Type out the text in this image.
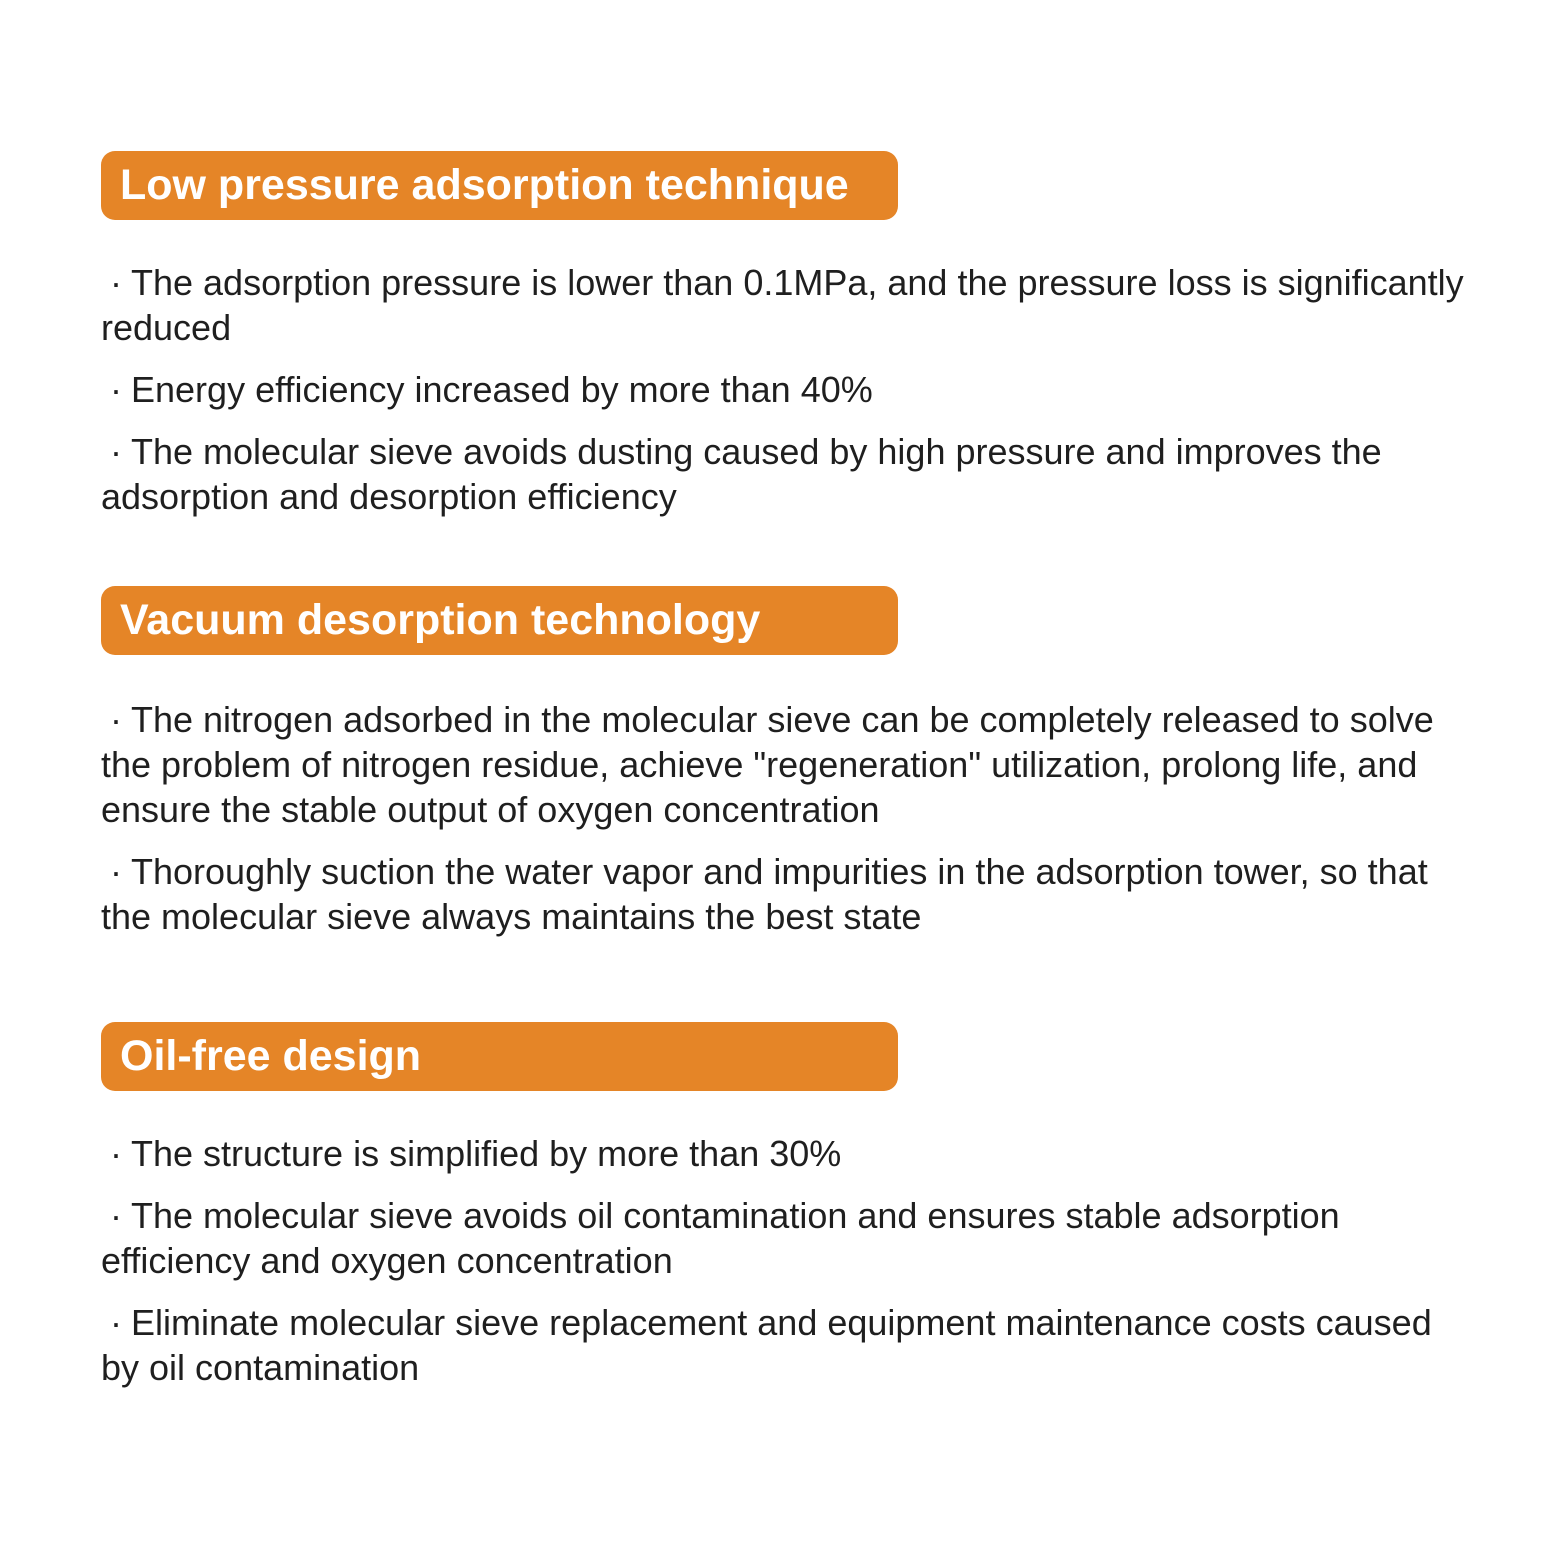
Low pressure adsorption technique
· The adsorption pressure is lower than 0.1MPa, and the pressure loss is significantly reduced
· Energy efficiency increased by more than 40%
· The molecular sieve avoids dusting caused by high pressure and improves the adsorption and desorption efficiency
Vacuum desorption technology
· The nitrogen adsorbed in the molecular sieve can be completely released to solve the problem of nitrogen residue, achieve "regeneration" utilization, prolong life, and ensure the stable output of oxygen concentration
· Thoroughly suction the water vapor and impurities in the adsorption tower, so that the molecular sieve always maintains the best state
Oil-free design
· The structure is simplified by more than 30%
· The molecular sieve avoids oil contamination and ensures stable adsorption efficiency and oxygen concentration
· Eliminate molecular sieve replacement and equipment maintenance costs caused by oil contamination
